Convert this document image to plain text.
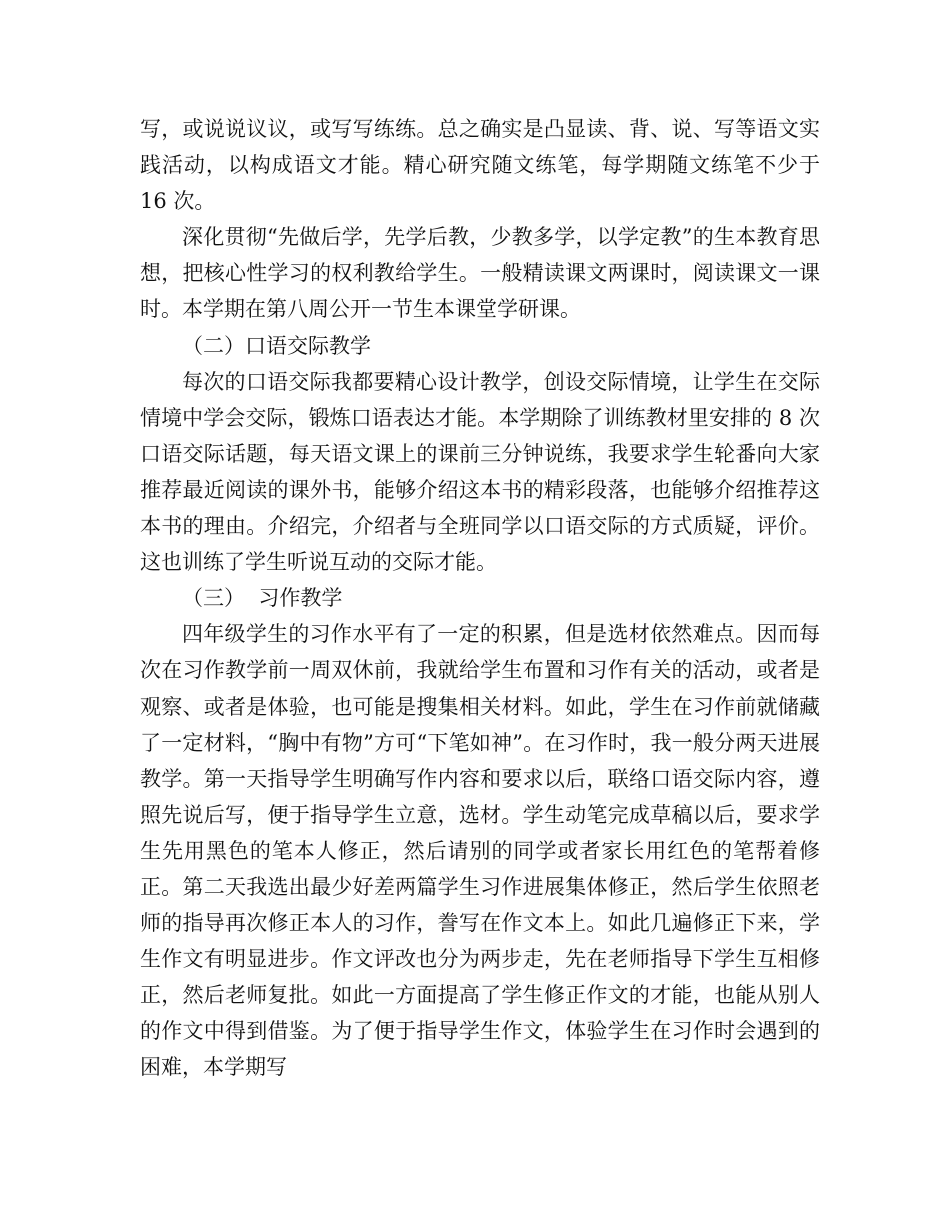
写，或说说议议，或写写练练。总之确实是凸显读、背、说、写等语文实践活动，以构成语文才能。精心研究随文练笔，每学期随文练笔不少于 16 次。

深化贯彻“先做后学，先学后教，少教多学，以学定教”的生本教育思想，把核心性学习的权利教给学生。一般精读课文两课时，阅读课文一课时。本学期在第八周公开一节生本课堂学研课。

（二）口语交际教学

每次的口语交际我都要精心设计教学，创设交际情境，让学生在交际情境中学会交际，锻炼口语表达才能。本学期除了训练教材里安排的 8 次口语交际话题，每天语文课上的课前三分钟说练，我要求学生轮番向大家推荐最近阅读的课外书，能够介绍这本书的精彩段落，也能够介绍推荐这本书的理由。介绍完，介绍者与全班同学以口语交际的方式质疑，评价。这也训练了学生听说互动的交际才能。

（三）  习作教学

四年级学生的习作水平有了一定的积累，但是选材依然难点。因而每次在习作教学前一周双休前，我就给学生布置和习作有关的活动，或者是观察、或者是体验，也可能是搜集相关材料。如此，学生在习作前就储藏了一定材料，“胸中有物”方可“下笔如神”。在习作时，我一般分两天进展教学。第一天指导学生明确写作内容和要求以后，联络口语交际内容，遵照先说后写，便于指导学生立意，选材。学生动笔完成草稿以后，要求学生先用黑色的笔本人修正，然后请别的同学或者家长用红色的笔帮着修正。第二天我选出最少好差两篇学生习作进展集体修正，然后学生依照老师的指导再次修正本人的习作，誊写在作文本上。如此几遍修正下来，学生作文有明显进步。作文评改也分为两步走，先在老师指导下学生互相修正，然后老师复批。如此一方面提高了学生修正作文的才能，也能从别人的作文中得到借鉴。为了便于指导学生作文，体验学生在习作时会遇到的困难，本学期写
